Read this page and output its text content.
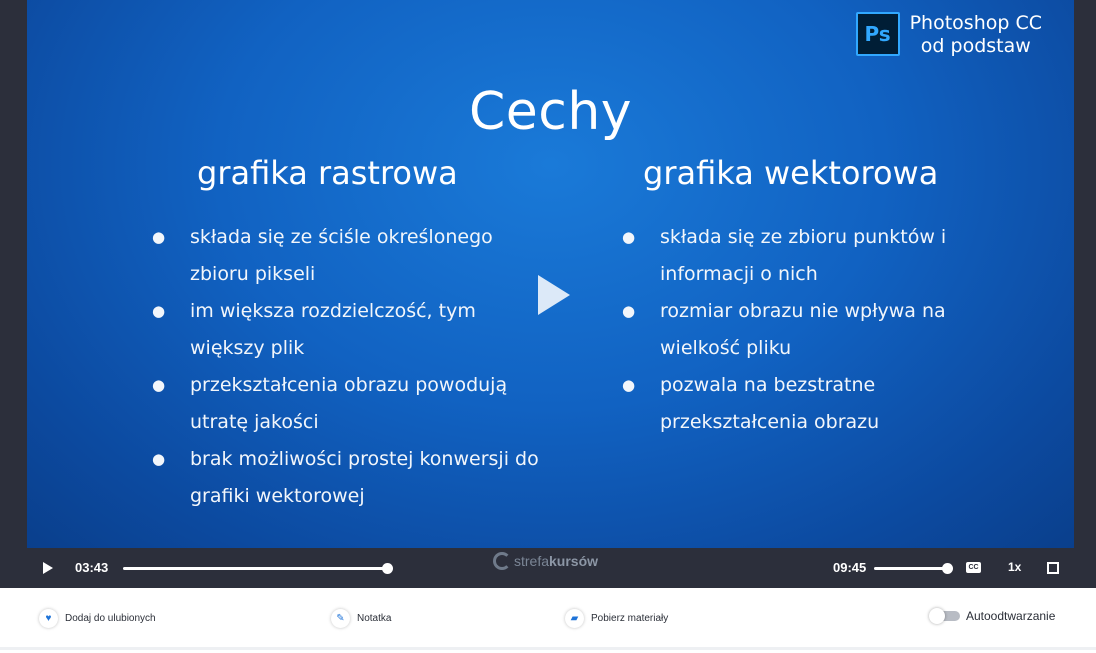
Ps Photoshop CC
od podstaw
Cechy
grafika rastrowa	grafika wektorowa
● składa się ze ściśle określonego zbioru pikseli
● im większa rozdzielczość, tym większy plik
● przekształcenia obrazu powodują utratę jakości
● brak możliwości prostej konwersji do grafiki wektorowej
● składa się ze zbioru punktów i informacji o nich
● rozmiar obrazu nie wpływa na wielkość pliku
● pozwala na bezstratne przekształcenia obrazu
03:43	strefakursów	09:45	CC 1x
♥	Dodaj do ulubionych	✎	Notatka	▰	Pobierz materiały	Autoodtwarzanie
